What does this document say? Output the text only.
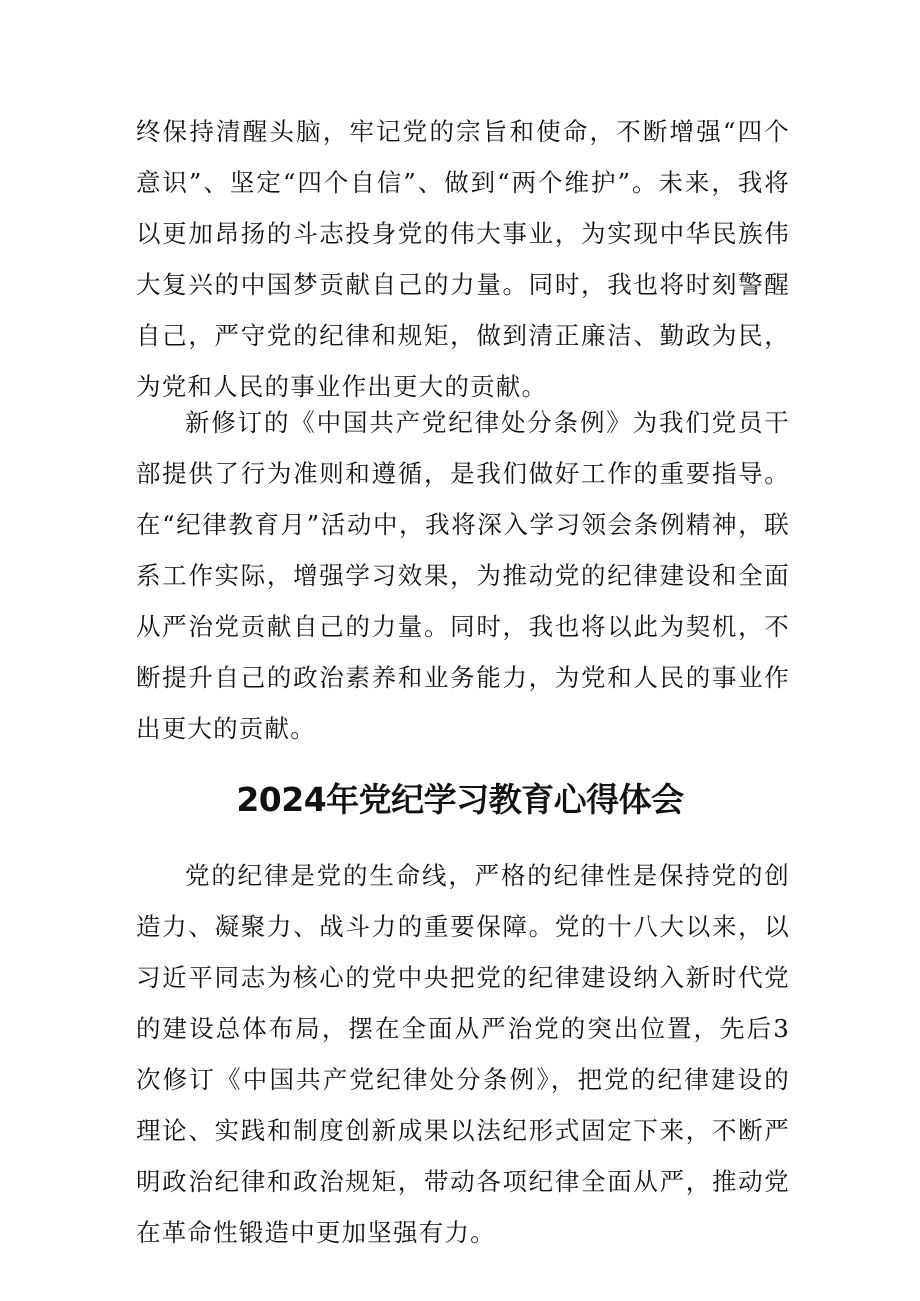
终保持清醒头脑，牢记党的宗旨和使命，不断增强“四个意识”、坚定“四个自信”、做到“两个维护”。未来，我将以更加昂扬的斗志投身党的伟大事业，为实现中华民族伟大复兴的中国梦贡献自己的力量。同时，我也将时刻警醒自己，严守党的纪律和规矩，做到清正廉洁、勤政为民，为党和人民的事业作出更大的贡献。

新修订的《中国共产党纪律处分条例》为我们党员干部提供了行为准则和遵循，是我们做好工作的重要指导。在“纪律教育月”活动中，我将深入学习领会条例精神，联系工作实际，增强学习效果，为推动党的纪律建设和全面从严治党贡献自己的力量。同时，我也将以此为契机，不断提升自己的政治素养和业务能力，为党和人民的事业作出更大的贡献。

2024年党纪学习教育心得体会

党的纪律是党的生命线，严格的纪律性是保持党的创造力、凝聚力、战斗力的重要保障。党的十八大以来，以习近平同志为核心的党中央把党的纪律建设纳入新时代党的建设总体布局，摆在全面从严治党的突出位置，先后3次修订《中国共产党纪律处分条例》，把党的纪律建设的理论、实践和制度创新成果以法纪形式固定下来，不断严明政治纪律和政治规矩，带动各项纪律全面从严，推动党在革命性锻造中更加坚强有力。
